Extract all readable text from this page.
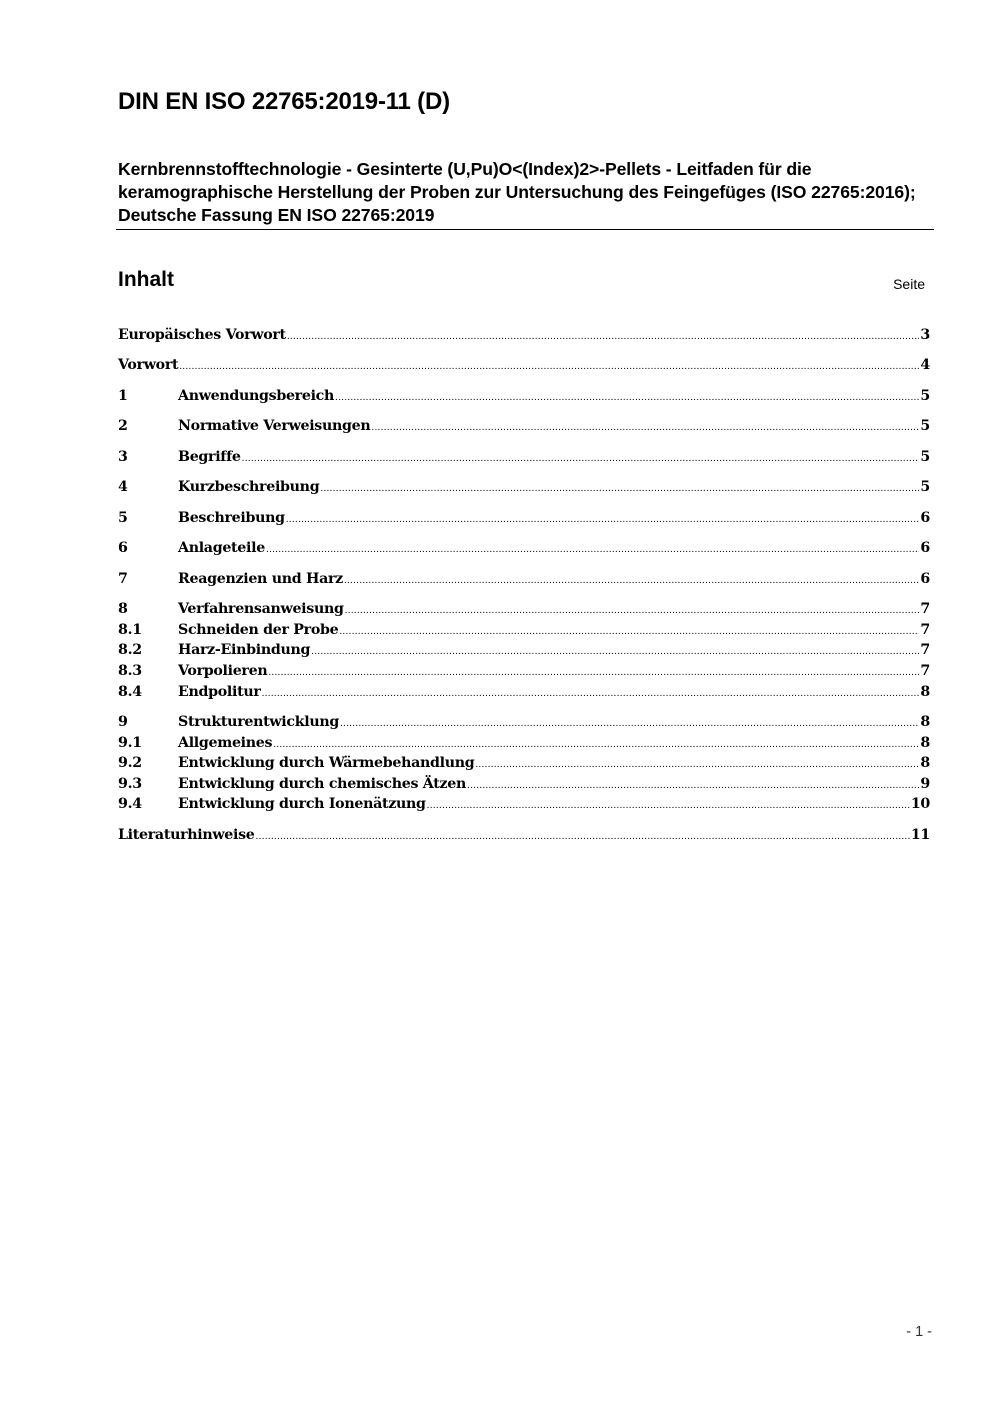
DIN EN ISO 22765:2019-11 (D)
Kernbrennstofftechnologie - Gesinterte (U,Pu)O<(Index)2>-Pellets - Leitfaden für die keramographische Herstellung der Proben zur Untersuchung des Feingefüges (ISO 22765:2016); Deutsche Fassung EN ISO 22765:2019
Inhalt	Seite
Europäisches Vorwort .....	3
Vorwort .....	4
1	Anwendungsbereich .....	5
2	Normative Verweisungen .....	5
3	Begriffe .....	5
4	Kurzbeschreibung .....	5
5	Beschreibung .....	6
6	Anlageteile .....	6
7	Reagenzien und Harz .....	6
8	Verfahrensanweisung .....	7
8.1	Schneiden der Probe .....	7
8.2	Harz-Einbindung .....	7
8.3	Vorpolieren .....	7
8.4	Endpolitur .....	8
9	Strukturentwicklung .....	8
9.1	Allgemeines .....	8
9.2	Entwicklung durch Wärmebehandlung .....	8
9.3	Entwicklung durch chemisches Ätzen .....	9
9.4	Entwicklung durch Ionenätzung .....	10
Literaturhinweise .....	11
- 1 -
